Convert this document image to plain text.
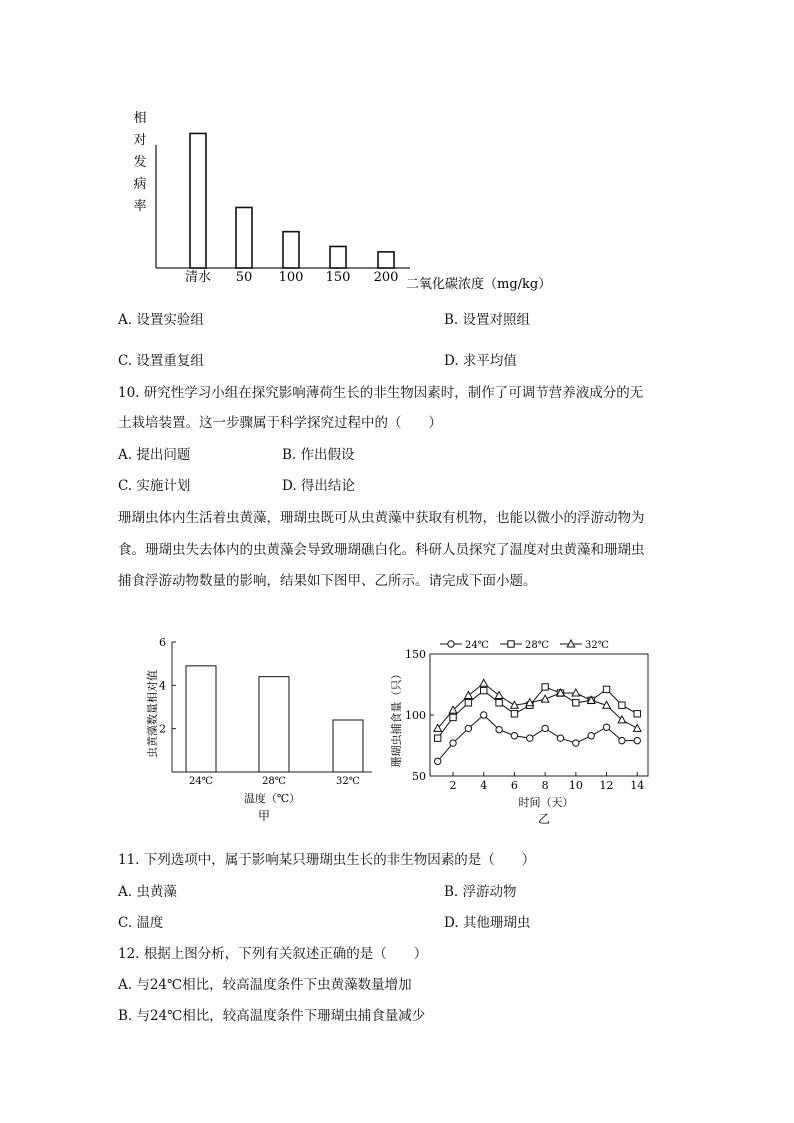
相
对
发
病
率
清水 50 100 150 200 二氧化碳浓度（mg/kg）
A. 设置实验组	B. 设置对照组
C. 设置重复组	D. 求平均值
10. 研究性学习小组在探究影响薄荷生长的非生物因素时，制作了可调节营养液成分的无
土栽培装置。这一步骤属于科学探究过程中的（　　）
A. 提出问题	B. 作出假设
C. 实施计划	D. 得出结论
珊瑚虫体内生活着虫黄藻，珊瑚虫既可从虫黄藻中获取有机物，也能以微小的浮游动物为
食。珊瑚虫失去体内的虫黄藻会导致珊瑚礁白化。科研人员探究了温度对虫黄藻和珊瑚虫
捕食浮游动物数量的影响，结果如下图甲、乙所示。请完成下面小题。
虫黄藻数量相对值 2
4
6
24℃	28℃	32℃
温度（℃）
甲
24℃	28℃	32℃
珊瑚虫捕食量（只）
50
100
150
2 4 6 8 10 12 14
时间（天）
乙
11. 下列选项中，属于影响某只珊瑚虫生长的非生物因素的是（　　）
A. 虫黄藻	B. 浮游动物
C. 温度	D. 其他珊瑚虫
12. 根据上图分析，下列有关叙述正确的是（　　）
A. 与24℃相比，较高温度条件下虫黄藻数量增加
B. 与24℃相比，较高温度条件下珊瑚虫捕食量减少
